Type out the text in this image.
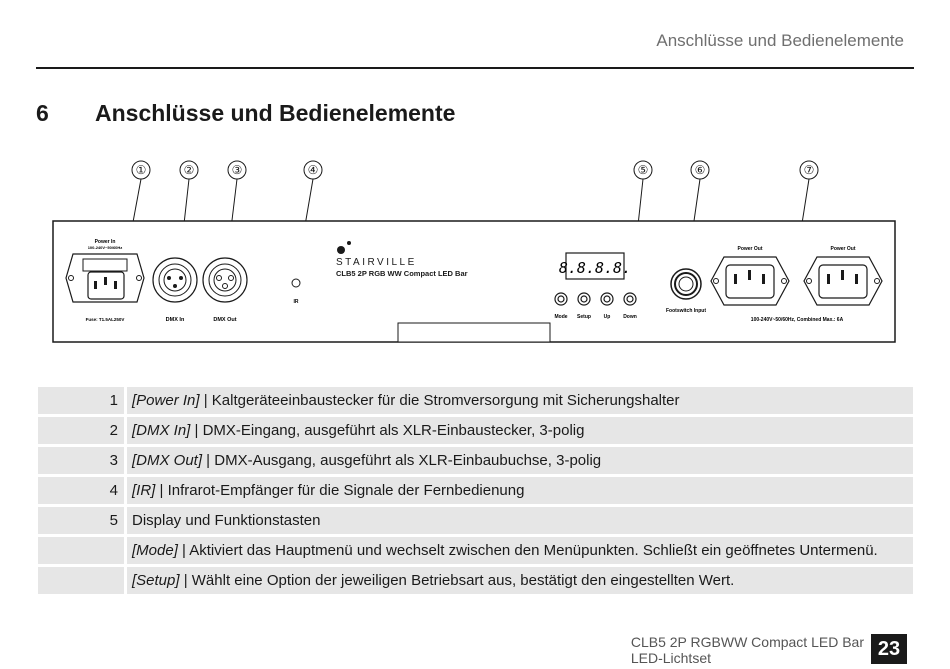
Anschlüsse und Bedienelemente
6 Anschlüsse und Bedienelemente
①	②	③	④	⑤	⑥	⑦
Power In
100-240V~50/60Hz
Fuse: T1.5AL250V	DMX In	DMX Out
IR
STAIRVILLE
CLB5 2P RGB WW Compact LED Bar	8.8.8.8.
Mode Setup	Up	Down
Footswitch Input
Power Out	Power Out
100-240V~50/60Hz, Combined Max.: 6A
1 [Power In] | Kaltgeräteeinbaustecker für die Stromversorgung mit Sicherungshalter
2 [DMX In] | DMX-Eingang, ausgeführt als XLR-Einbaustecker, 3-polig
3 [DMX Out] | DMX-Ausgang, ausgeführt als XLR-Einbaubuchse, 3-polig
4 [IR] | Infrarot-Empfänger für die Signale der Fernbedienung
5 Display und Funktionstasten
[Mode] | Aktiviert das Hauptmenü und wechselt zwischen den Menüpunkten. Schließt ein geöffnetes Untermenü.
[Setup] | Wählt eine Option der jeweiligen Betriebsart aus, bestätigt den eingestellten Wert.
CLB5 2P RGBWW Compact LED Bar
LED-Lichtset	23
